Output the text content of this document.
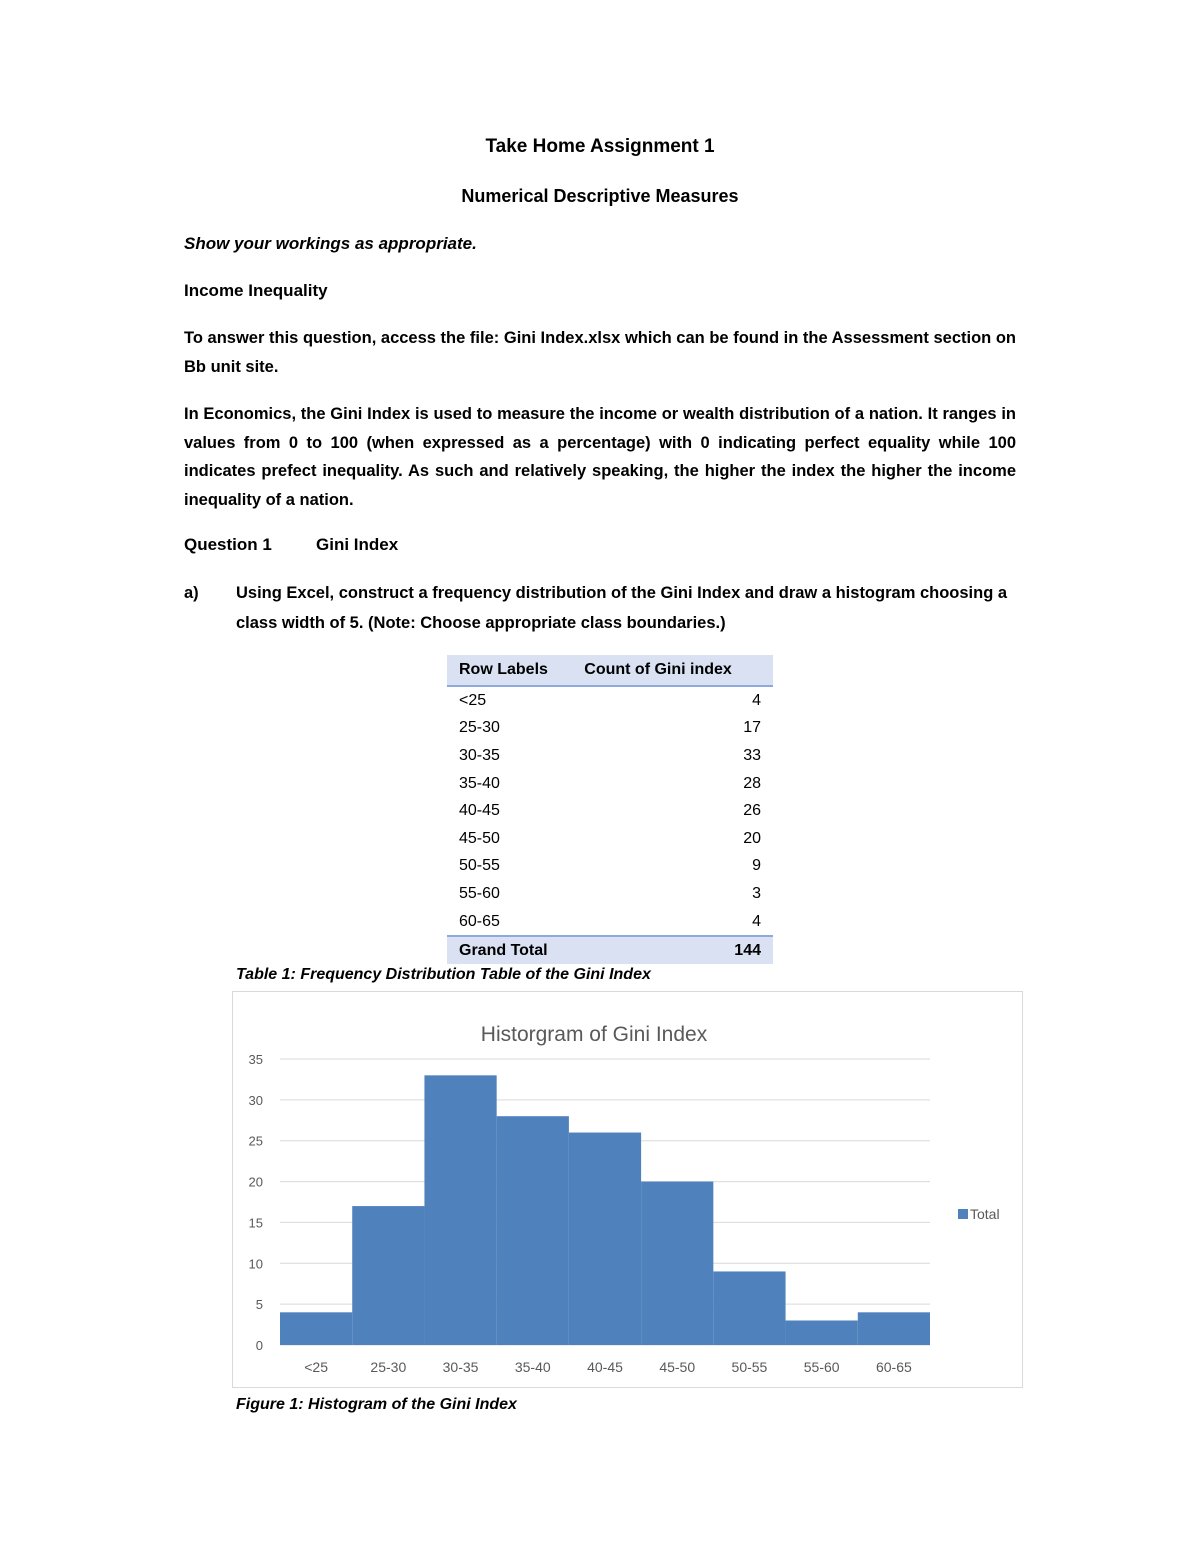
Take Home Assignment 1
Numerical Descriptive Measures
Show your workings as appropriate.
Income Inequality
To answer this question, access the file: Gini Index.xlsx which can be found in the Assessment section on Bb unit site.
In Economics, the Gini Index is used to measure the income or wealth distribution of a nation. It ranges in values from 0 to 100 (when expressed as a percentage) with 0 indicating perfect equality while 100 indicates prefect inequality. As such and relatively speaking, the higher the index the higher the income inequality of a nation.
Question 1	Gini Index
a) Using Excel, construct a frequency distribution of the Gini Index and draw a histogram choosing a class width of 5. (Note: Choose appropriate class boundaries.)
Row Labels	Count of Gini index
<25	4
25-30	17
30-35	33
35-40	28
40-45	26
45-50	20
50-55	9
55-60	3
60-65	4
Grand Total	144
Table 1: Frequency Distribution Table of the Gini Index
Historgram of Gini Index
0
5
10
15
20
25
30
35
<25	25-30	30-35	35-40	40-45	45-50	50-55	55-60	60-65
Total
Figure 1: Histogram of the Gini Index
